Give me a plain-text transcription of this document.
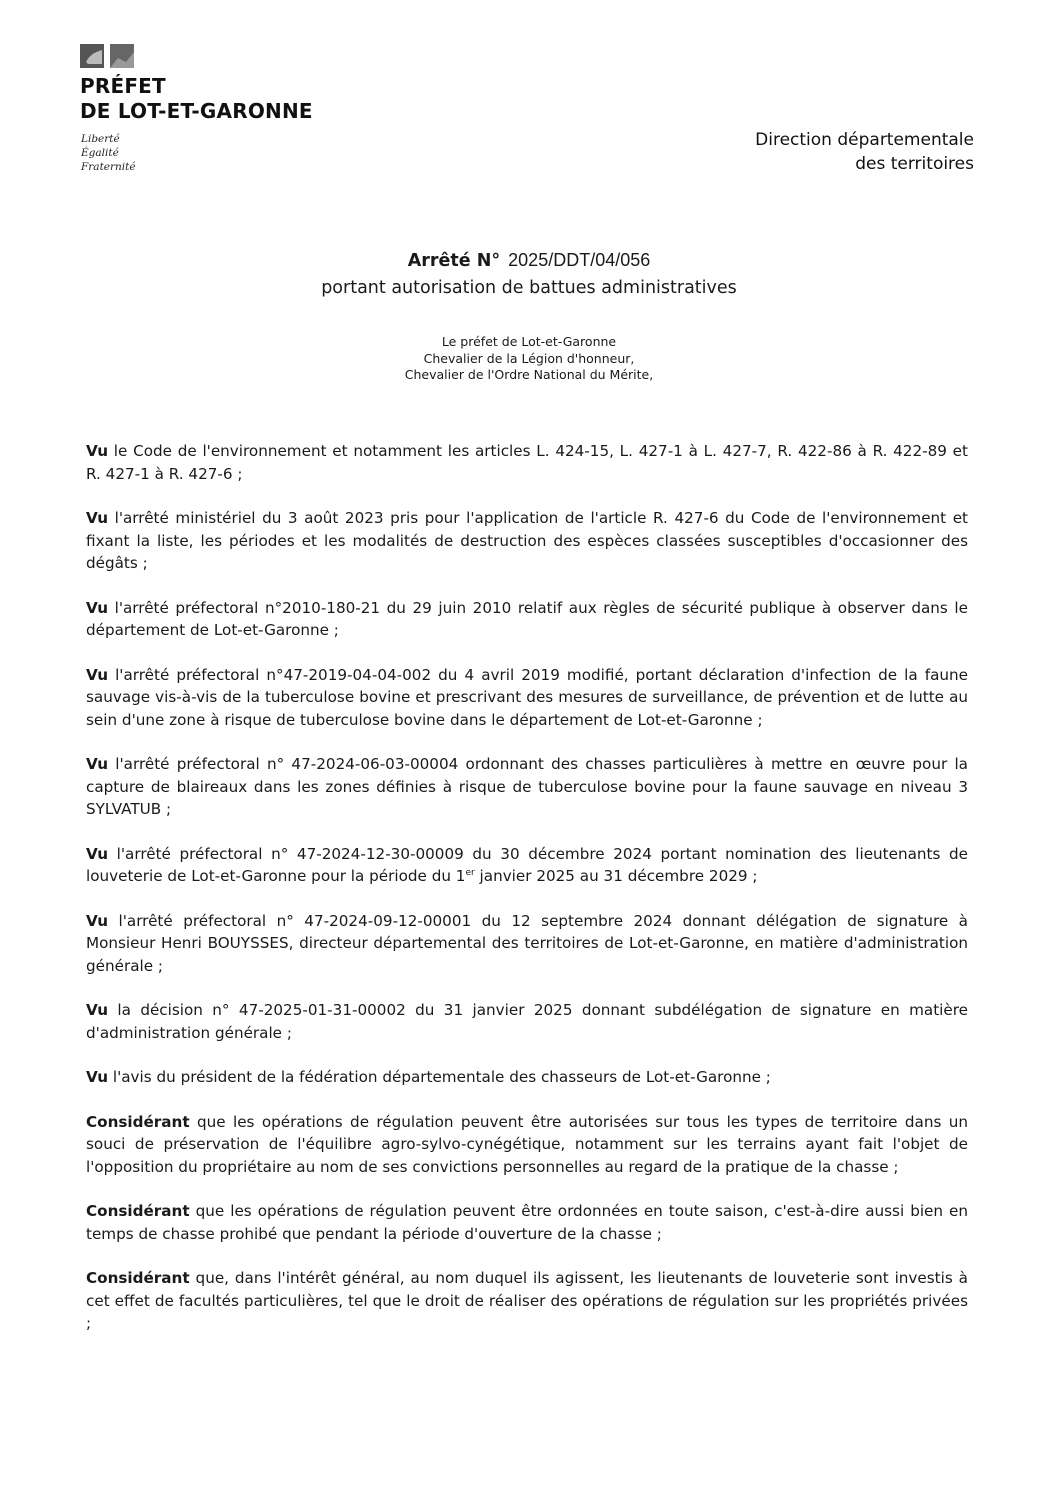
PRÉFET
DE LOT-ET-GARONNE
Liberté
Égalité
Fraternité
Direction départementale
des territoires
Arrêté N° 2025/DDT/04/056
portant autorisation de battues administratives
Le préfet de Lot-et-Garonne
Chevalier de la Légion d'honneur,
Chevalier de l'Ordre National du Mérite,

Vu le Code de l'environnement et notamment les articles L. 424-15, L. 427-1 à L. 427-7, R. 422-86 à R. 422-89 et R. 427-1 à R. 427-6 ;

Vu l'arrêté ministériel du 3 août 2023 pris pour l'application de l'article R. 427-6 du Code de l'environnement et fixant la liste, les périodes et les modalités de destruction des espèces classées susceptibles d'occasionner des dégâts ;

Vu l'arrêté préfectoral n°2010-180-21 du 29 juin 2010 relatif aux règles de sécurité publique à observer dans le département de Lot-et-Garonne ;

Vu l'arrêté préfectoral n°47-2019-04-04-002 du 4 avril 2019 modifié, portant déclaration d'infection de la faune sauvage vis-à-vis de la tuberculose bovine et prescrivant des mesures de surveillance, de prévention et de lutte au sein d'une zone à risque de tuberculose bovine dans le département de Lot-et-Garonne ;

Vu l'arrêté préfectoral n° 47-2024-06-03-00004 ordonnant des chasses particulières à mettre en œuvre pour la capture de blaireaux dans les zones définies à risque de tuberculose bovine pour la faune sauvage en niveau 3 SYLVATUB ;

Vu l'arrêté préfectoral n° 47-2024-12-30-00009 du 30 décembre 2024 portant nomination des lieutenants de louveterie de Lot-et-Garonne pour la période du 1er janvier 2025 au 31 décembre 2029 ;

Vu l'arrêté préfectoral n° 47-2024-09-12-00001 du 12 septembre 2024 donnant délégation de signature à Monsieur Henri BOUYSSES, directeur départemental des territoires de Lot-et-Garonne, en matière d'administration générale ;

Vu la décision n° 47-2025-01-31-00002 du 31 janvier 2025 donnant subdélégation de signature en matière d'administration générale ;

Vu l'avis du président de la fédération départementale des chasseurs de Lot-et-Garonne ;

Considérant que les opérations de régulation peuvent être autorisées sur tous les types de territoire dans un souci de préservation de l'équilibre agro-sylvo-cynégétique, notamment sur les terrains ayant fait l'objet de l'opposition du propriétaire au nom de ses convictions personnelles au regard de la pratique de la chasse ;

Considérant que les opérations de régulation peuvent être ordonnées en toute saison, c'est-à-dire aussi bien en temps de chasse prohibé que pendant la période d'ouverture de la chasse ;

Considérant que, dans l'intérêt général, au nom duquel ils agissent, les lieutenants de louveterie sont investis à cet effet de facultés particulières, tel que le droit de réaliser des opérations de régulation sur les propriétés privées ;
